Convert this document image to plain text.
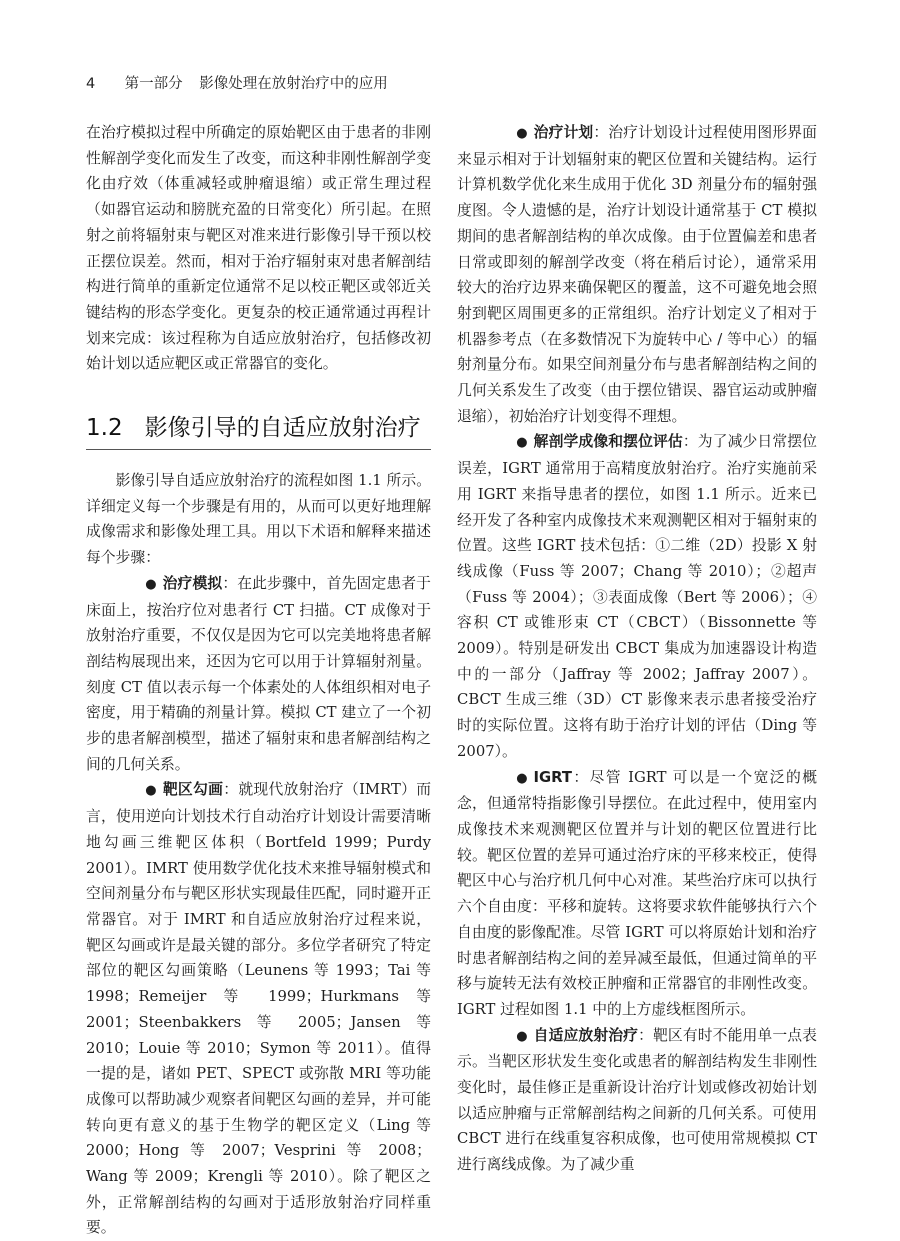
4 第一部分 影像处理在放射治疗中的应用

在治疗模拟过程中所确定的原始靶区由于患者的非刚性解剖学变化而发生了改变，而这种非刚性解剖学变化由疗效（体重减轻或肿瘤退缩）或正常生理过程（如器官运动和膀胱充盈的日常变化）所引起。在照射之前将辐射束与靶区对准来进行影像引导干预以校正摆位误差。然而，相对于治疗辐射束对患者解剖结构进行简单的重新定位通常不足以校正靶区或邻近关键结构的形态学变化。更复杂的校正通常通过再程计划来完成：该过程称为自适应放射治疗，包括修改初始计划以适应靶区或正常器官的变化。

1.2 影像引导的自适应放射治疗

影像引导自适应放射治疗的流程如图 1.1 所示。详细定义每一个步骤是有用的，从而可以更好地理解成像需求和影像处理工具。用以下术语和解释来描述每个步骤：

● 治疗模拟：在此步骤中，首先固定患者于床面上，按治疗位对患者行 CT 扫描。CT 成像对于放射治疗重要，不仅仅是因为它可以完美地将患者解剖结构展现出来，还因为它可以用于计算辐射剂量。刻度 CT 值以表示每一个体素处的人体组织相对电子密度，用于精确的剂量计算。模拟 CT 建立了一个初步的患者解剖模型，描述了辐射束和患者解剖结构之间的几何关系。

● 靶区勾画：就现代放射治疗（IMRT）而言，使用逆向计划技术行自动治疗计划设计需要清晰地勾画三维靶区体积（Bortfeld 1999；Purdy 2001）。IMRT 使用数学优化技术来推导辐射模式和空间剂量分布与靶区形状实现最佳匹配，同时避开正常器官。对于 IMRT 和自适应放射治疗过程来说，靶区勾画或许是最关键的部分。多位学者研究了特定部位的靶区勾画策略（Leunens 等 1993；Tai 等 1998；Remeijer 等 1999；Hurkmans 等 2001；Steenbakkers 等 2005；Jansen 等 2010；Louie 等 2010；Symon 等 2011）。值得一提的是，诸如 PET、SPECT 或弥散 MRI 等功能成像可以帮助减少观察者间靶区勾画的差异，并可能转向更有意义的基于生物学的靶区定义（Ling 等 2000；Hong 等 2007；Vesprini 等 2008；Wang 等 2009；Krengli 等 2010）。除了靶区之外，正常解剖结构的勾画对于适形放射治疗同样重要。

● 治疗计划：治疗计划设计过程使用图形界面来显示相对于计划辐射束的靶区位置和关键结构。运行计算机数学优化来生成用于优化 3D 剂量分布的辐射强度图。令人遗憾的是，治疗计划设计通常基于 CT 模拟期间的患者解剖结构的单次成像。由于位置偏差和患者日常或即刻的解剖学改变（将在稍后讨论），通常采用较大的治疗边界来确保靶区的覆盖，这不可避免地会照射到靶区周围更多的正常组织。治疗计划定义了相对于机器参考点（在多数情况下为旋转中心 / 等中心）的辐射剂量分布。如果空间剂量分布与患者解剖结构之间的几何关系发生了改变（由于摆位错误、器官运动或肿瘤退缩），初始治疗计划变得不理想。

● 解剖学成像和摆位评估：为了减少日常摆位误差，IGRT 通常用于高精度放射治疗。治疗实施前采用 IGRT 来指导患者的摆位，如图 1.1 所示。近来已经开发了各种室内成像技术来观测靶区相对于辐射束的位置。这些 IGRT 技术包括：①二维（2D）投影 X 射线成像（Fuss 等 2007；Chang 等 2010）；②超声（Fuss 等 2004）；③表面成像（Bert 等 2006）；④容积 CT 或锥形束 CT（CBCT）（Bissonnette 等 2009）。特别是研发出 CBCT 集成为加速器设计构造中的一部分（Jaffray 等 2002；Jaffray 2007）。CBCT 生成三维（3D）CT 影像来表示患者接受治疗时的实际位置。这将有助于治疗计划的评估（Ding 等 2007）。

● IGRT：尽管 IGRT 可以是一个宽泛的概念，但通常特指影像引导摆位。在此过程中，使用室内成像技术来观测靶区位置并与计划的靶区位置进行比较。靶区位置的差异可通过治疗床的平移来校正，使得靶区中心与治疗机几何中心对准。某些治疗床可以执行六个自由度：平移和旋转。这将要求软件能够执行六个自由度的影像配准。尽管 IGRT 可以将原始计划和治疗时患者解剖结构之间的差异减至最低，但通过简单的平移与旋转无法有效校正肿瘤和正常器官的非刚性改变。IGRT 过程如图 1.1 中的上方虚线框图所示。

● 自适应放射治疗：靶区有时不能用单一点表示。当靶区形状发生变化或患者的解剖结构发生非刚性变化时，最佳修正是重新设计治疗计划或修改初始计划以适应肿瘤与正常解剖结构之间新的几何关系。可使用 CBCT 进行在线重复容积成像，也可使用常规模拟 CT 进行离线成像。为了减少重
